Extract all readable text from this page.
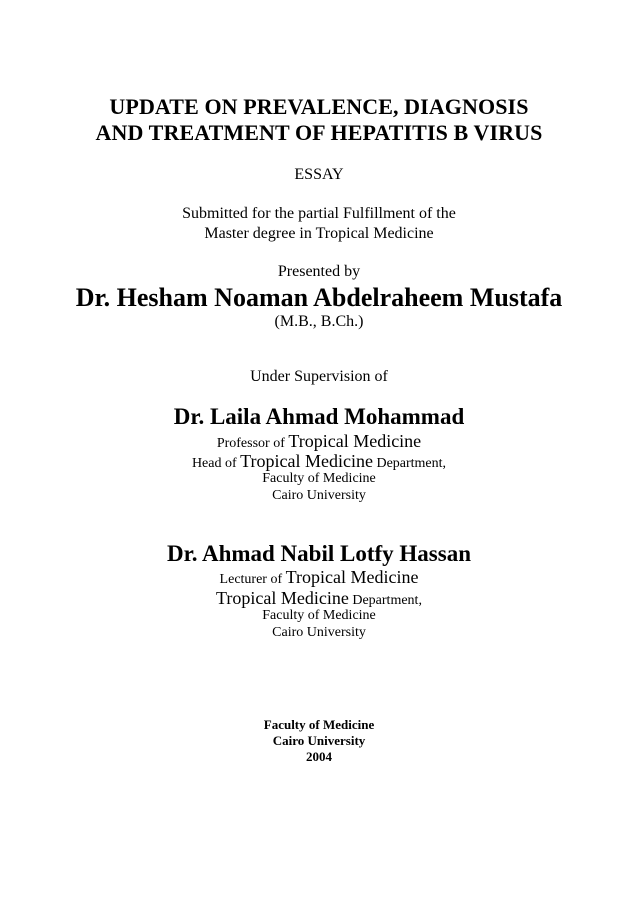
UPDATE ON PREVALENCE, DIAGNOSIS
AND TREATMENT OF HEPATITIS B VIRUS
ESSAY
Submitted for the partial Fulfillment of the
Master degree in Tropical Medicine
Presented by
Dr. Hesham Noaman Abdelraheem Mustafa
(M.B., B.Ch.)
Under Supervision of
Dr. Laila Ahmad Mohammad
Professor of Tropical Medicine
Head of Tropical Medicine Department,
Faculty of Medicine
Cairo University
Dr. Ahmad Nabil Lotfy Hassan
Lecturer of Tropical Medicine
Tropical Medicine Department,
Faculty of Medicine
Cairo University
Faculty of Medicine
Cairo University
2004
